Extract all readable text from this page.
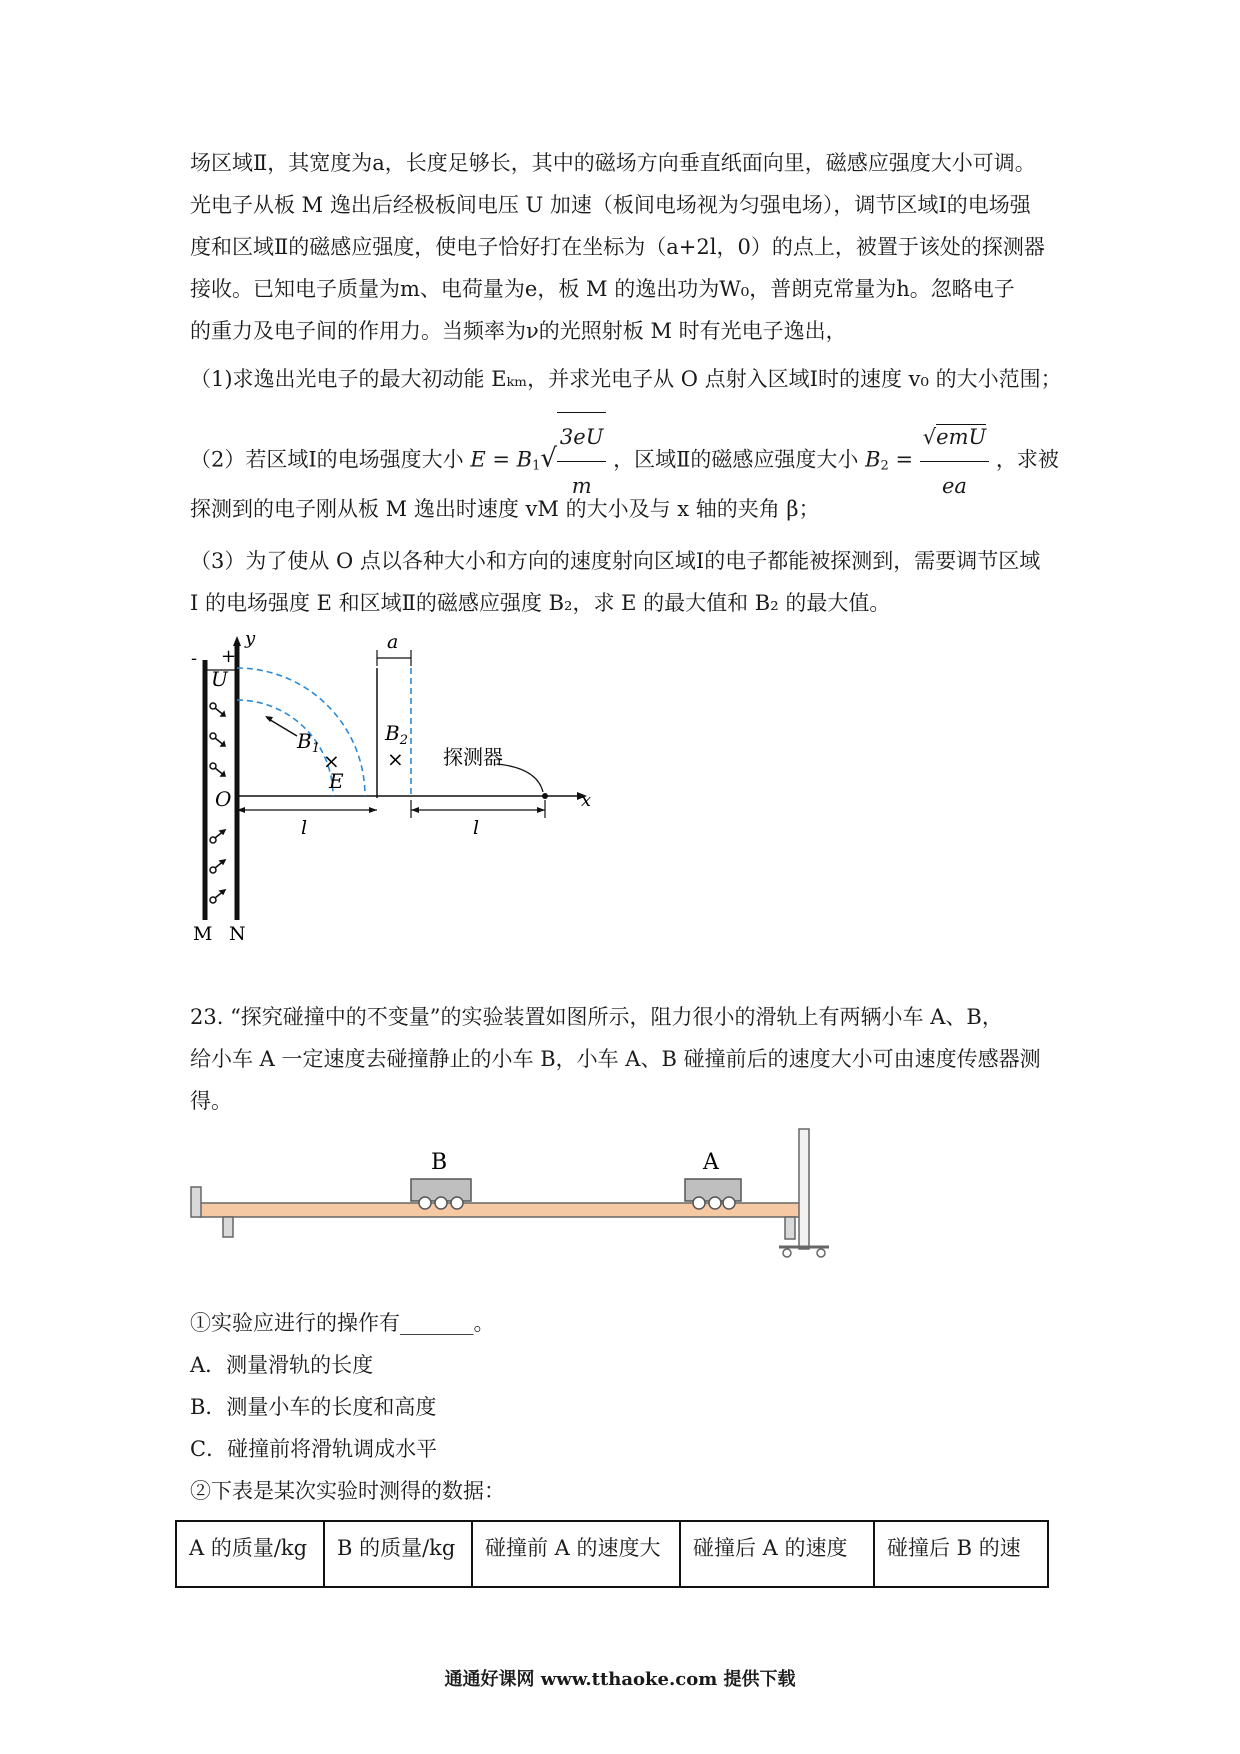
场区域Ⅱ，其宽度为a，长度足够长，其中的磁场方向垂直纸面向里，磁感应强度大小可调。
光电子从板 M 逸出后经极板间电压 U 加速（板间电场视为匀强电场），调节区域Ⅰ的电场强
度和区域Ⅱ的磁感应强度，使电子恰好打在坐标为（a+2l，0）的点上，被置于该处的探测器
接收。已知电子质量为m、电荷量为e，板 M 的逸出功为W₀，普朗克常量为h。忽略电子
的重力及电子间的作用力。当频率为ν的光照射板 M 时有光电子逸出，
（1)求逸出光电子的最大初动能 Eₖₘ，并求光电子从 O 点射入区域Ⅰ时的速度 v₀ 的大小范围；
（2）若区域Ⅰ的电场强度大小 $E = B_1√ \frac{3eU}{m}$ ，区域Ⅱ的磁感应强度大小 $B_2 = \frac{\text{√emU}}{ea}$ ，求被
探测到的电子刚从板 M 逸出时速度 vM 的大小及与 x 轴的夹角 β；
（3）为了使从 O 点以各种大小和方向的速度射向区域Ⅰ的电子都能被探测到，需要调节区域
Ⅰ 的电场强度 E 和区域Ⅱ的磁感应强度 B₂，求 E 的最大值和 B₂ 的最大值。
- +
y
U
a
$B_1$
×
E
$B_2$
× 探测器
O	x
l	l
M N
23. “探究碰撞中的不变量”的实验装置如图所示，阻力很小的滑轨上有两辆小车 A、B，
给小车 A 一定速度去碰撞静止的小车 B，小车 A、B 碰撞前后的速度大小可由速度传感器测
得。
B	A
①实验应进行的操作有_______。
A．测量滑轨的长度
B．测量小车的长度和高度
C．碰撞前将滑轨调成水平
②下表是某次实验时测得的数据：
A 的质量/kg	B 的质量/kg	碰撞前 A 的速度大	碰撞后 A 的速度	碰撞后 B 的速
通通好课网 www.tthaoke.com 提供下载
